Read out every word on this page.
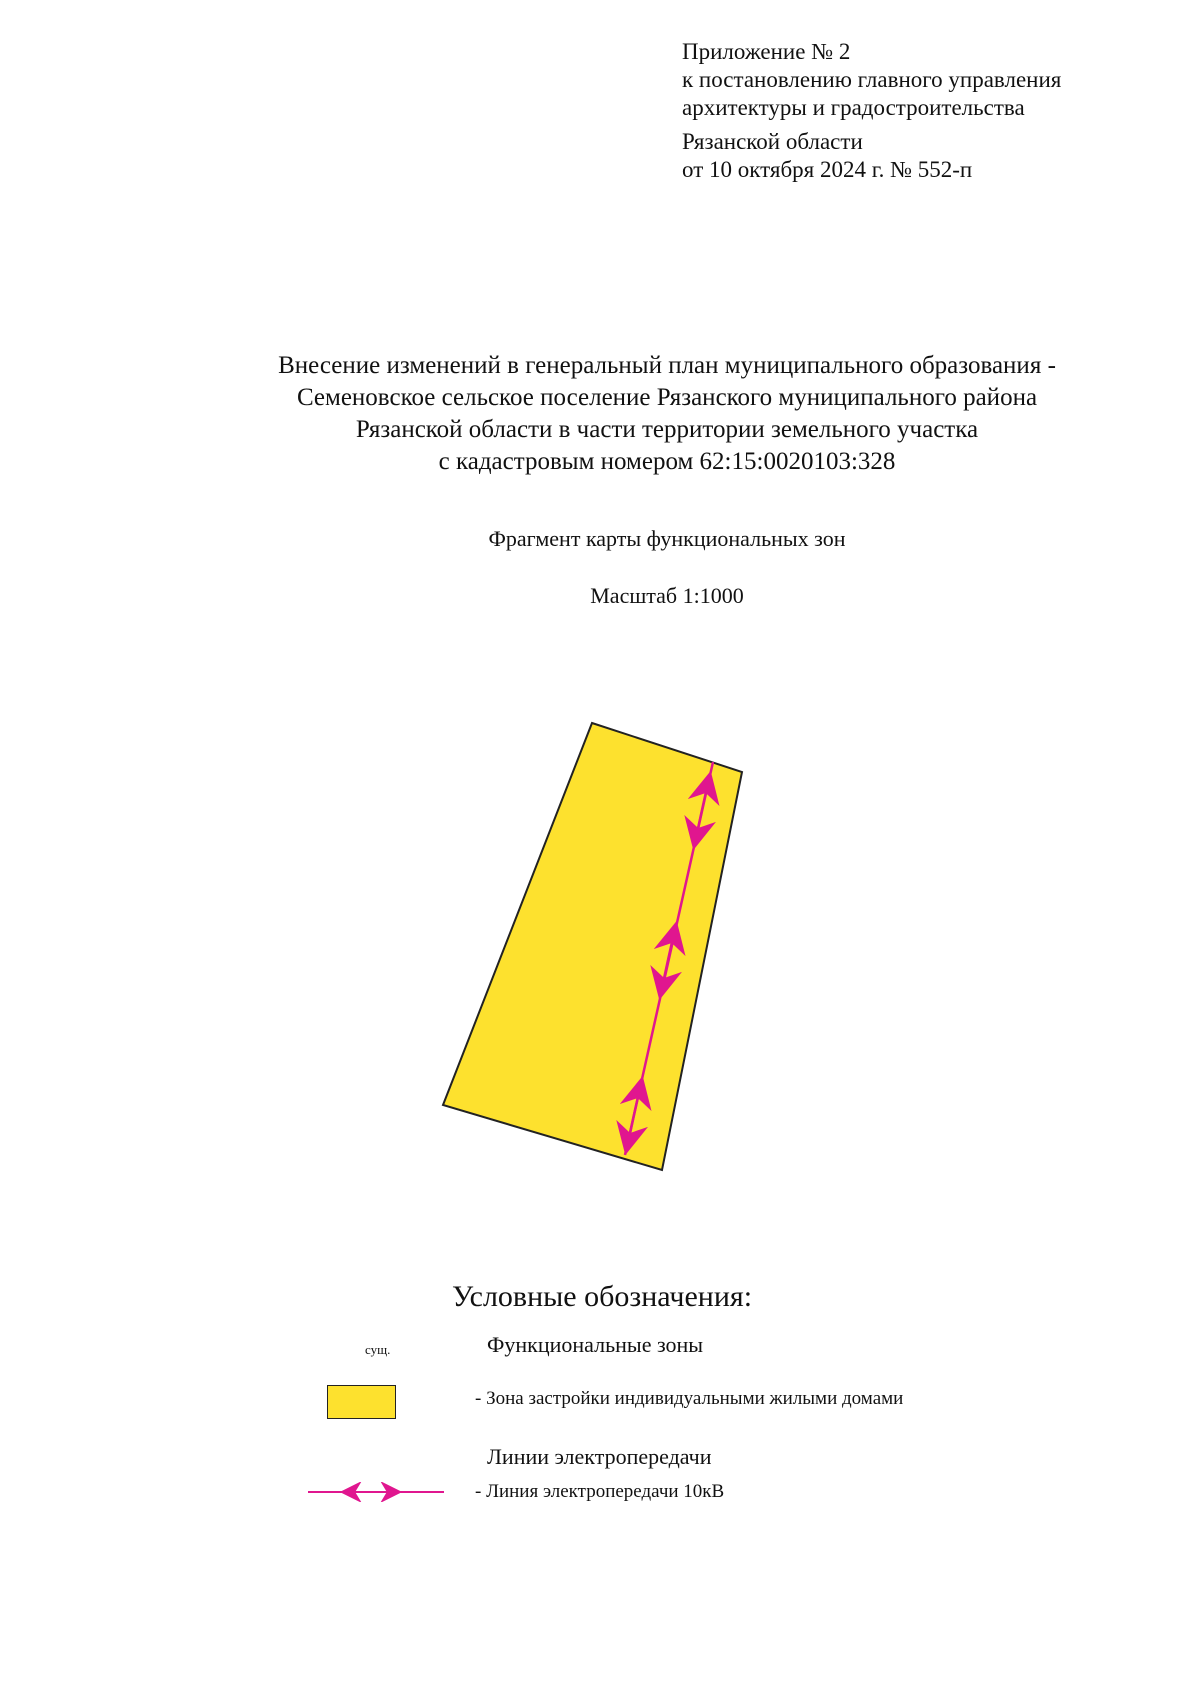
Приложение № 2
к постановлению главного управления
архитектуры и градостроительства
Рязанской области
от 10 октября 2024 г. № 552-п
Внесение изменений в генеральный план муниципального образования -
Семеновское сельское поселение Рязанского муниципального района
Рязанской области в части территории земельного участка
с кадастровым номером 62:15:0020103:328
Фрагмент карты функциональных зон
Масштаб 1:1000
Условные обозначения:
сущ.	Функциональные зоны
- Зона застройки индивидуальными жилыми домами
Линии электропередачи
- Линия электропередачи 10кВ
